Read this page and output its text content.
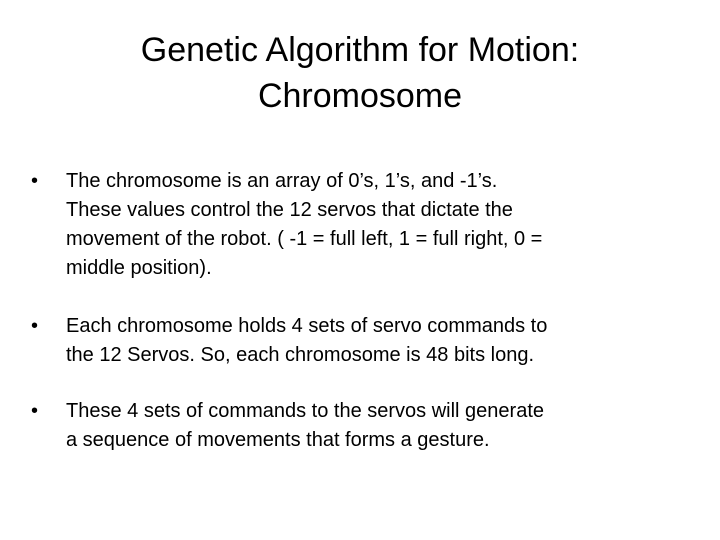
Genetic Algorithm for Motion:
Chromosome
•	The chromosome is an array of 0’s, 1’s, and -1’s.
These values control the 12 servos that dictate the
movement of the robot. ( -1 = full left, 1 = full right, 0 =
middle position).
•	Each chromosome holds 4 sets of servo commands to
the 12 Servos. So, each chromosome is 48 bits long.
•	These 4 sets of commands to the servos will generate
a sequence of movements that forms a gesture.
